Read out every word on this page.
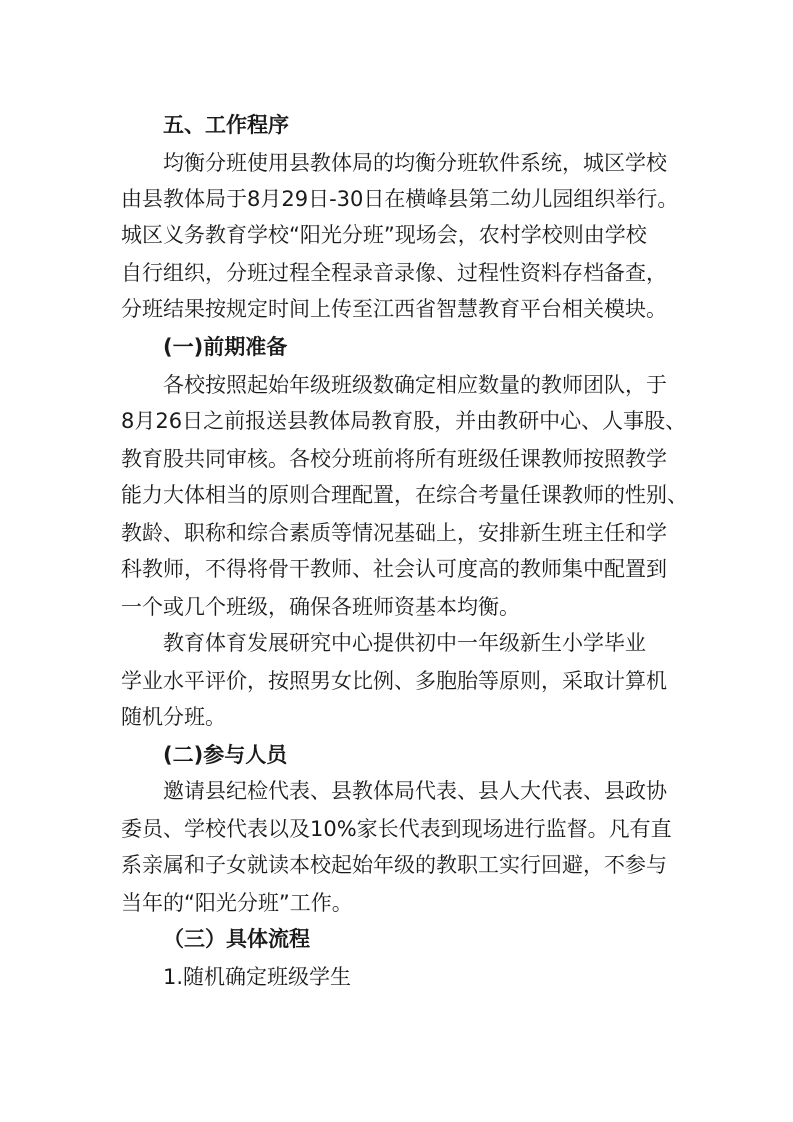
五、工作程序
均衡分班使用县教体局的均衡分班软件系统，城区学校
由县教体局于8月29日-30日在横峰县第二幼儿园组织举行。
城区义务教育学校“阳光分班”现场会，农村学校则由学校
自行组织，分班过程全程录音录像、过程性资料存档备查，
分班结果按规定时间上传至江西省智慧教育平台相关模块。
(一)前期准备
各校按照起始年级班级数确定相应数量的教师团队，于
8月26日之前报送县教体局教育股，并由教研中心、人事股、
教育股共同审核。各校分班前将所有班级任课教师按照教学
能力大体相当的原则合理配置，在综合考量任课教师的性别、
教龄、职称和综合素质等情况基础上，安排新生班主任和学
科教师，不得将骨干教师、社会认可度高的教师集中配置到
一个或几个班级，确保各班师资基本均衡。
教育体育发展研究中心提供初中一年级新生小学毕业
学业水平评价，按照男女比例、多胞胎等原则，采取计算机
随机分班。
(二)参与人员
邀请县纪检代表、县教体局代表、县人大代表、县政协
委员、学校代表以及10%家长代表到现场进行监督。凡有直
系亲属和子女就读本校起始年级的教职工实行回避，不参与
当年的“阳光分班”工作。
（三）具体流程
1.随机确定班级学生
